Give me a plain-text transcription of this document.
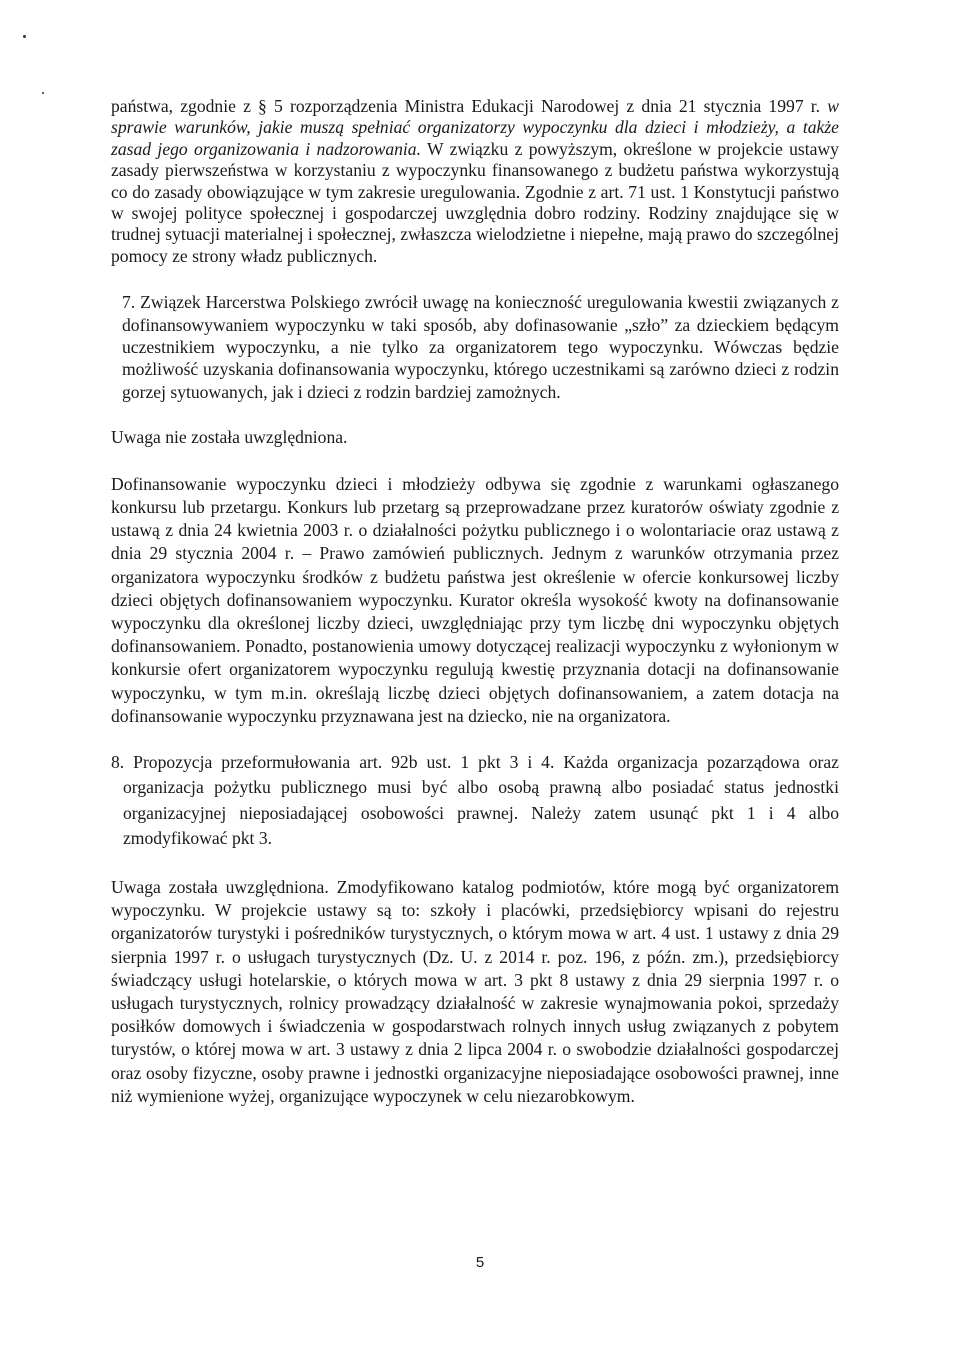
państwa, zgodnie z § 5 rozporządzenia Ministra Edukacji Narodowej z dnia 21 stycznia 1997 r. w sprawie warunków, jakie muszą spełniać organizatorzy wypoczynku dla dzieci i młodzieży, a także zasad jego organizowania i nadzorowania. W związku z powyższym, określone w projekcie ustawy zasady pierwszeństwa w korzystaniu z wypoczynku finansowanego z budżetu państwa wykorzystują co do zasady obowiązujące w tym zakresie uregulowania. Zgodnie z art. 71 ust. 1 Konstytucji państwo w swojej polityce społecznej i gospodarczej uwzględnia dobro rodziny. Rodziny znajdujące się w trudnej sytuacji materialnej i społecznej, zwłaszcza wielodzietne i niepełne, mają prawo do szczególnej pomocy ze strony władz publicznych.

7. Związek Harcerstwa Polskiego zwrócił uwagę na konieczność uregulowania kwestii związanych z dofinansowywaniem wypoczynku w taki sposób, aby dofinasowanie „szło” za dzieckiem będącym uczestnikiem wypoczynku, a nie tylko za organizatorem tego wypoczynku. Wówczas będzie możliwość uzyskania dofinansowania wypoczynku, którego uczestnikami są zarówno dzieci z rodzin gorzej sytuowanych, jak i dzieci z rodzin bardziej zamożnych.

Uwaga nie została uwzględniona.

Dofinansowanie wypoczynku dzieci i młodzieży odbywa się zgodnie z warunkami ogłaszanego konkursu lub przetargu. Konkurs lub przetarg są przeprowadzane przez kuratorów oświaty zgodnie z ustawą z dnia 24 kwietnia 2003 r. o działalności pożytku publicznego i o wolontariacie oraz ustawą z dnia 29 stycznia 2004 r. – Prawo zamówień publicznych. Jednym z warunków otrzymania przez organizatora wypoczynku środków z budżetu państwa jest określenie w ofercie konkursowej liczby dzieci objętych dofinansowaniem wypoczynku. Kurator określa wysokość kwoty na dofinansowanie wypoczynku dla określonej liczby dzieci, uwzględniając przy tym liczbę dni wypoczynku objętych dofinansowaniem. Ponadto, postanowienia umowy dotyczącej realizacji wypoczynku z wyłonionym w konkursie ofert organizatorem wypoczynku regulują kwestię przyznania dotacji na dofinansowanie wypoczynku, w tym m.in. określają liczbę dzieci objętych dofinansowaniem, a zatem dotacja na dofinansowanie wypoczynku przyznawana jest na dziecko, nie na organizatora.

8. Propozycja przeformułowania art. 92b ust. 1 pkt 3 i 4. Każda organizacja pozarządowa oraz organizacja pożytku publicznego musi być albo osobą prawną albo posiadać status jednostki organizacyjnej nieposiadającej osobowości prawnej. Należy zatem usunąć pkt 1 i 4 albo zmodyfikować pkt 3.

Uwaga została uwzględniona. Zmodyfikowano katalog podmiotów, które mogą być organizatorem wypoczynku. W projekcie ustawy są to: szkoły i placówki, przedsiębiorcy wpisani do rejestru organizatorów turystyki i pośredników turystycznych, o którym mowa w art. 4 ust. 1 ustawy z dnia 29 sierpnia 1997 r. o usługach turystycznych (Dz. U. z 2014 r. poz. 196, z późn. zm.), przedsiębiorcy świadczący usługi hotelarskie, o których mowa w art. 3 pkt 8 ustawy z dnia 29 sierpnia 1997 r. o usługach turystycznych, rolnicy prowadzący działalność w zakresie wynajmowania pokoi, sprzedaży posiłków domowych i świadczenia w gospodarstwach rolnych innych usług związanych z pobytem turystów, o której mowa w art. 3 ustawy z dnia 2 lipca 2004 r. o swobodzie działalności gospodarczej oraz osoby fizyczne, osoby prawne i jednostki organizacyjne nieposiadające osobowości prawnej, inne niż wymienione wyżej, organizujące wypoczynek w celu niezarobkowym.

5
